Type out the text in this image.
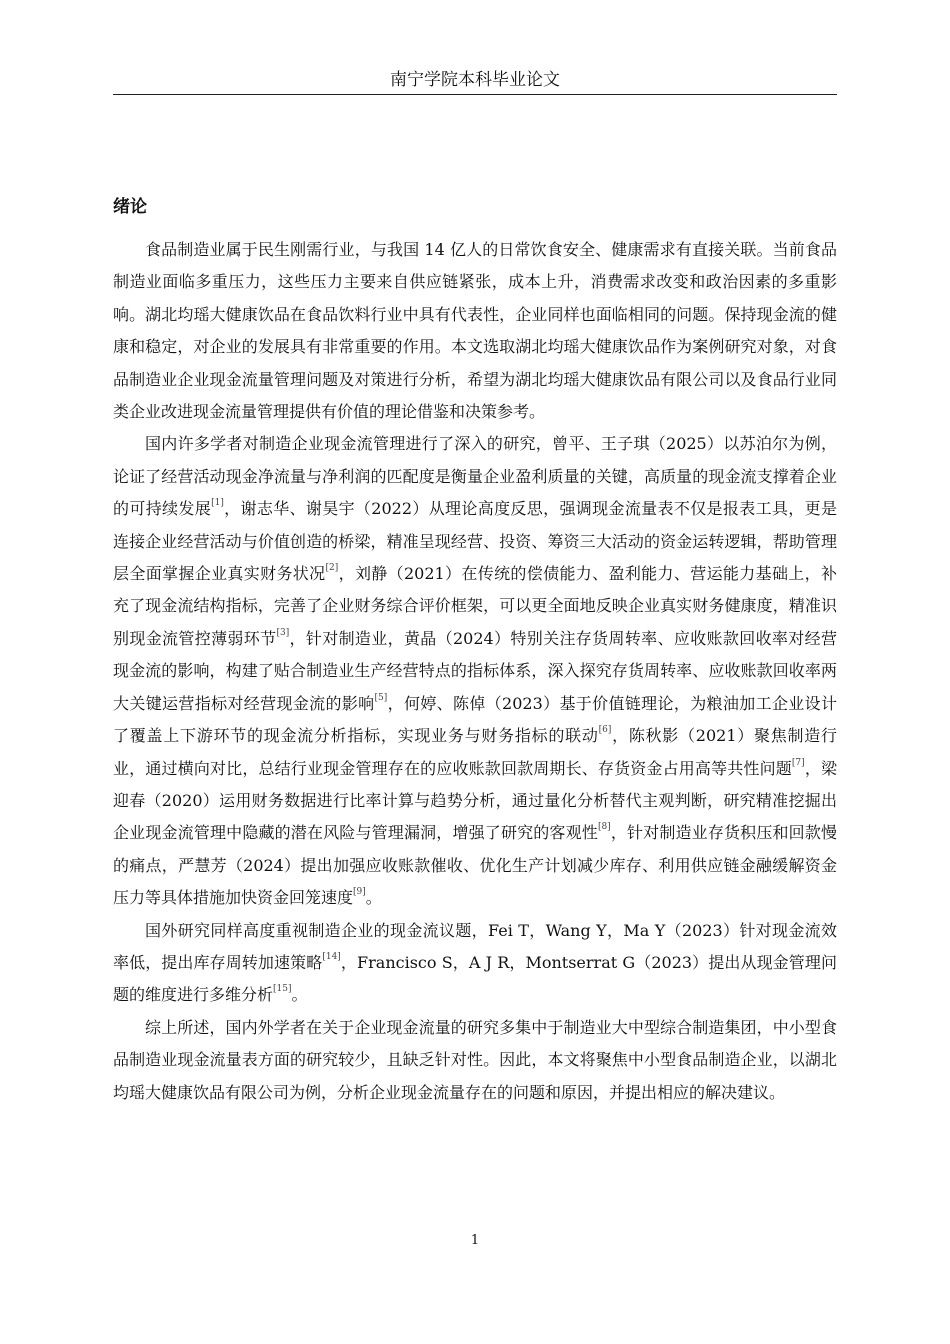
南宁学院本科毕业论文
绪论

食品制造业属于民生刚需行业，与我国 14 亿人的日常饮食安全、健康需求有直接关联。当前食品制造业面临多重压力，这些压力主要来自供应链紧张，成本上升，消费需求改变和政治因素的多重影响。湖北均瑶大健康饮品在食品饮料行业中具有代表性，企业同样也面临相同的问题。保持现金流的健康和稳定，对企业的发展具有非常重要的作用。本文选取湖北均瑶大健康饮品作为案例研究对象，对食品制造业企业现金流量管理问题及对策进行分析，希望为湖北均瑶大健康饮品有限公司以及食品行业同类企业改进现金流量管理提供有价值的理论借鉴和决策参考。

国内许多学者对制造企业现金流管理进行了深入的研究，曾平、王子琪（2025）以苏泊尔为例，论证了经营活动现金净流量与净利润的匹配度是衡量企业盈利质量的关键，高质量的现金流支撑着企业的可持续发展[1]，谢志华、谢昊宇（2022）从理论高度反思，强调现金流量表不仅是报表工具，更是连接企业经营活动与价值创造的桥梁，精准呈现经营、投资、筹资三大活动的资金运转逻辑，帮助管理层全面掌握企业真实财务状况[2]，刘静（2021）在传统的偿债能力、盈利能力、营运能力基础上，补充了现金流结构指标，完善了企业财务综合评价框架，可以更全面地反映企业真实财务健康度，精准识别现金流管控薄弱环节[3]，针对制造业，黄晶（2024）特别关注存货周转率、应收账款回收率对经营现金流的影响，构建了贴合制造业生产经营特点的指标体系，深入探究存货周转率、应收账款回收率两大关键运营指标对经营现金流的影响[5]，何婷、陈倬（2023）基于价值链理论，为粮油加工企业设计了覆盖上下游环节的现金流分析指标，实现业务与财务指标的联动[6]，陈秋影（2021）聚焦制造行业，通过横向对比，总结行业现金管理存在的应收账款回款周期长、存货资金占用高等共性问题[7]，梁迎春（2020）运用财务数据进行比率计算与趋势分析，通过量化分析替代主观判断，研究精准挖掘出企业现金流管理中隐藏的潜在风险与管理漏洞，增强了研究的客观性[8]，针对制造业存货积压和回款慢的痛点，严慧芳（2024）提出加强应收账款催收、优化生产计划减少库存、利用供应链金融缓解资金压力等具体措施加快资金回笼速度[9]。

国外研究同样高度重视制造企业的现金流议题，Fei T，Wang Y，Ma Y（2023）针对现金流效率低，提出库存周转加速策略[14]，Francisco S，A J R，Montserrat G（2023）提出从现金管理问题的维度进行多维分析[15]。

综上所述，国内外学者在关于企业现金流量的研究多集中于制造业大中型综合制造集团，中小型食品制造业现金流量表方面的研究较少，且缺乏针对性。因此，本文将聚焦中小型食品制造企业，以湖北均瑶大健康饮品有限公司为例，分析企业现金流量存在的问题和原因，并提出相应的解决建议。

1
